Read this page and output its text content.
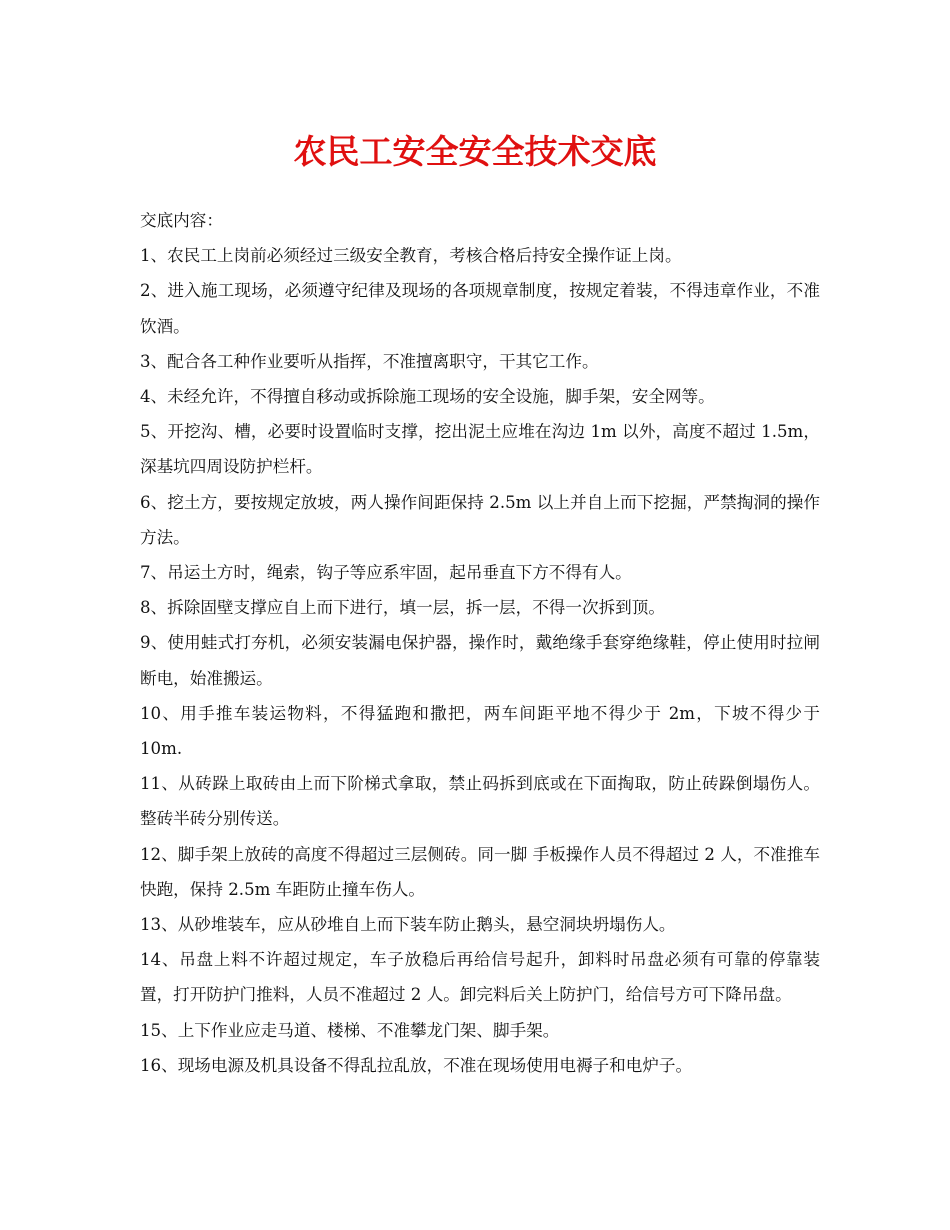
农民工安全安全技术交底

交底内容：

1、农民工上岗前必须经过三级安全教育，考核合格后持安全操作证上岗。

2、进入施工现场，必须遵守纪律及现场的各项规章制度，按规定着装，不得违章作业，不准饮酒。

3、配合各工种作业要听从指挥，不准擅离职守，干其它工作。

4、未经允许，不得擅自移动或拆除施工现场的安全设施，脚手架，安全网等。

5、开挖沟、槽，必要时设置临时支撑，挖出泥土应堆在沟边 1m 以外，高度不超过 1.5m，深基坑四周设防护栏杆。

6、挖土方，要按规定放坡，两人操作间距保持 2.5m 以上并自上而下挖掘，严禁掏洞的操作方法。

7、吊运土方时，绳索，钩子等应系牢固，起吊垂直下方不得有人。

8、拆除固壁支撑应自上而下进行，填一层，拆一层，不得一次拆到顶。

9、使用蛙式打夯机，必须安装漏电保护器，操作时，戴绝缘手套穿绝缘鞋，停止使用时拉闸断电，始准搬运。

10、用手推车装运物料，不得猛跑和撒把，两车间距平地不得少于 2m，下坡不得少于 10m.

11、从砖跺上取砖由上而下阶梯式拿取，禁止码拆到底或在下面掏取，防止砖跺倒塌伤人。整砖半砖分别传送。

12、脚手架上放砖的高度不得超过三层侧砖。同一脚 手板操作人员不得超过 2 人，不准推车快跑，保持 2.5m 车距防止撞车伤人。

13、从砂堆装车，应从砂堆自上而下装车防止鹅头，悬空洞块坍塌伤人。

14、吊盘上料不许超过规定，车子放稳后再给信号起升，卸料时吊盘必须有可靠的停靠装置，打开防护门推料，人员不准超过 2 人。卸完料后关上防护门，给信号方可下降吊盘。

15、上下作业应走马道、楼梯、不准攀龙门架、脚手架。

16、现场电源及机具设备不得乱拉乱放，不准在现场使用电褥子和电炉子。
